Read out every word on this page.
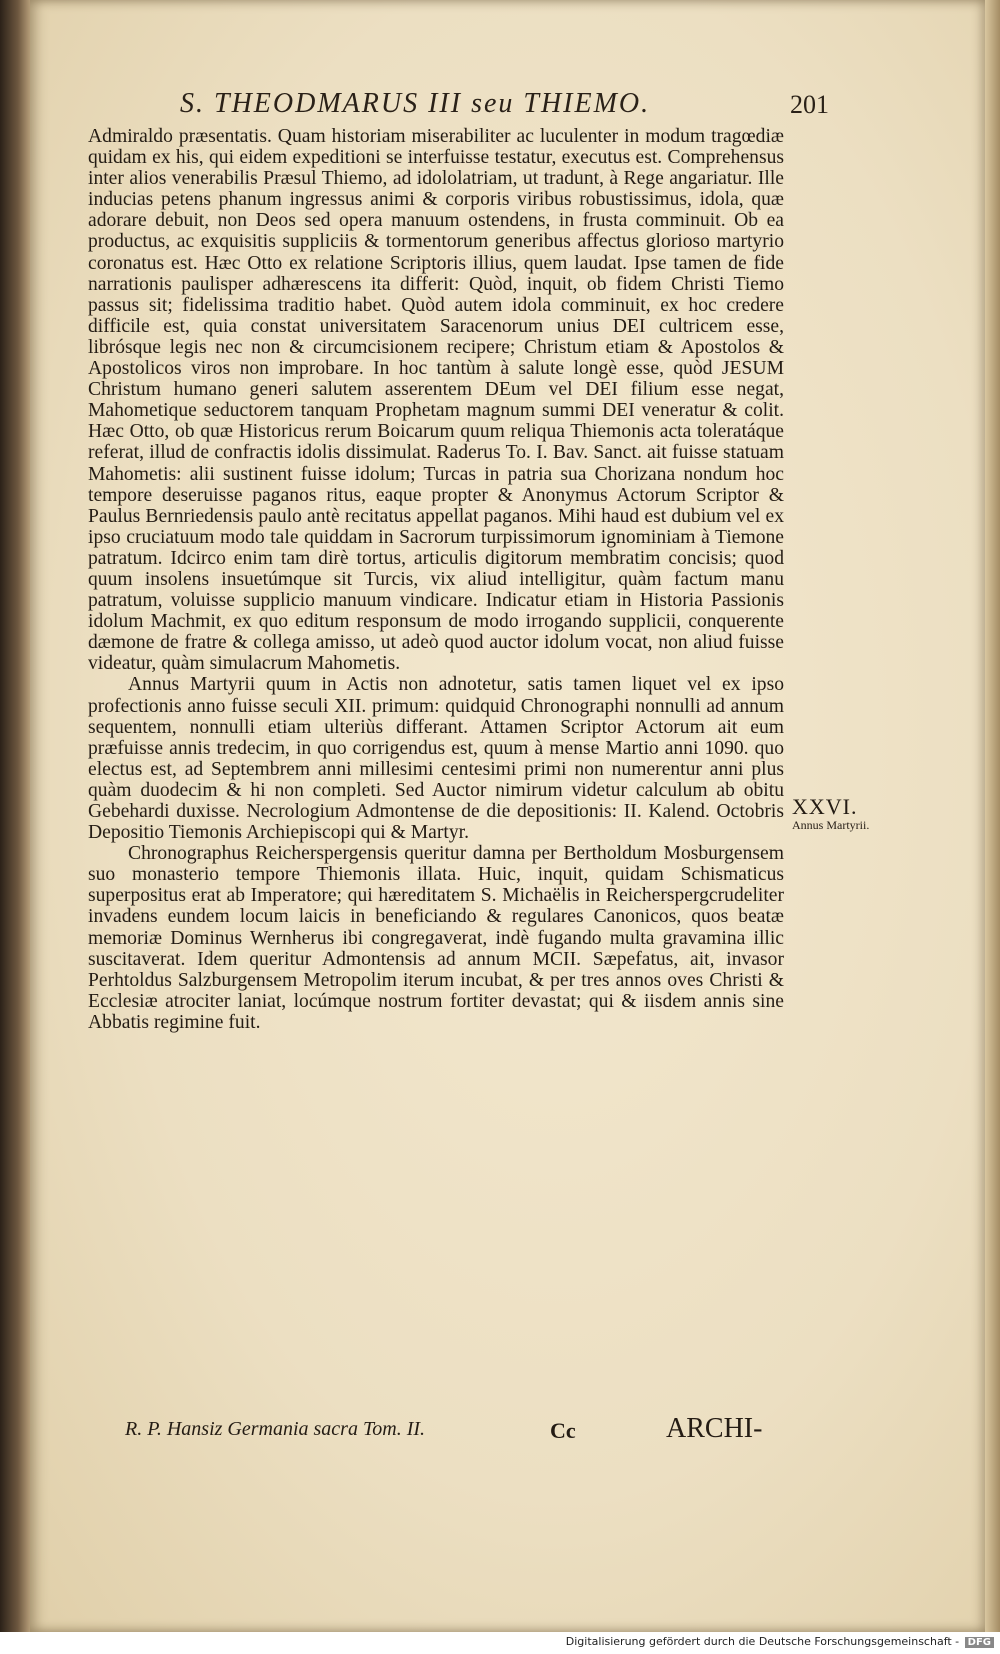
S. THEODMARUS III seu THIEMO.	201

Admiraldo præsentatis. Quam historiam miserabiliter ac luculenter in modum tragœdiæ quidam ex his, qui eidem expeditioni se interfuisse testatur, executus est. Comprehensus inter alios venerabilis Præsul Thiemo, ad idololatriam, ut tradunt, à Rege angariatur. Ille inducias petens phanum ingressus animi & corporis viribus robustissimus, idola, quæ adorare debuit, non Deos sed opera manuum ostendens, in frusta comminuit. Ob ea productus, ac exquisitis suppliciis & tormentorum generibus affectus glorioso martyrio coronatus est. Hæc Otto ex relatione Scriptoris illius, quem laudat. Ipse tamen de fide narrationis paulisper adhærescens ita differit: Quòd, inquit, ob fidem Christi Tiemo passus sit; fidelissima traditio habet. Quòd autem idola comminuit, ex hoc credere difficile est, quia constat universitatem Saracenorum unius DEI cultricem esse, librósque legis nec non & circumcisionem recipere; Christum etiam & Apostolos & Apostolicos viros non improbare. In hoc tantùm à salute longè esse, quòd JESUM Christum humano generi salutem asserentem DEum vel DEI filium esse negat, Mahometique seductorem tanquam Prophetam magnum summi DEI veneratur & colit. Hæc Otto, ob quæ Historicus rerum Boicarum quum reliqua Thiemonis acta toleratáque referat, illud de confractis idolis dissimulat. Raderus To. I. Bav. Sanct. ait fuisse statuam Mahometis: alii sustinent fuisse idolum; Turcas in patria sua Chorizana nondum hoc tempore deseruisse paganos ritus, eaque propter & Anonymus Actorum Scriptor & Paulus Bernriedensis paulo antè recitatus appellat paganos. Mihi haud est dubium vel ex ipso cruciatuum modo tale quiddam in Sacrorum turpissimorum ignominiam à Tiemone patratum. Idcirco enim tam dirè tortus, articulis digitorum membratim concisis; quod quum insolens insuetúmque sit Turcis, vix aliud intelligitur, quàm factum manu patratum, voluisse supplicio manuum vindicare. Indicatur etiam in Historia Passionis idolum Machmit, ex quo editum responsum de modo irrogando supplicii, conquerente dæmone de fratre & collega amisso, ut adeò quod auctor idolum vocat, non aliud fuisse videatur, quàm simulacrum Mahometis.

Annus Martyrii quum in Actis non adnotetur, satis tamen liquet vel ex ipso profectionis anno fuisse seculi XII. primum: quidquid Chronographi nonnulli ad annum sequentem, nonnulli etiam ulteriùs differant. Attamen Scriptor Actorum ait eum præfuisse annis tredecim, in quo corrigendus est, quum à mense Martio anni 1090. quo electus est, ad Septembrem anni millesimi centesimi primi non numerentur anni plus quàm duodecim & hi non completi. Sed Auctor nimirum videtur calculum ab obitu Gebehardi duxisse. Necrologium Admontense de die depositionis: II. Kalend. Octobris Depositio Tiemonis Archiepiscopi qui & Martyr.

Chronographus Reicherspergensis queritur damna per Bertholdum Mosburgensem suo monasterio tempore Thiemonis illata. Huic, inquit, quidam Schismaticus superpositus erat ab Imperatore; qui hæreditatem S. Michaëlis in Reicherspergcrudeliter invadens eundem locum laicis in beneficiando & regulares Canonicos, quos beatæ memoriæ Dominus Wernherus ibi congregaverat, indè fugando multa gravamina illic suscitaverat. Idem queritur Admontensis ad annum MCII. Sæpefatus, ait, invasor Perhtoldus Salzburgensem Metropolim iterum incubat, & per tres annos oves Christi & Ecclesiæ atrociter laniat, locúmque nostrum fortiter devastat; qui & iisdem annis sine Abbatis regimine fuit.

XXVI.
Annus Martyrii.
R. P. Hansiz Germania sacra Tom. II.	Cc	ARCHI-
Digitalisierung gefördert durch die Deutsche Forschungsgemeinschaft - DFG
